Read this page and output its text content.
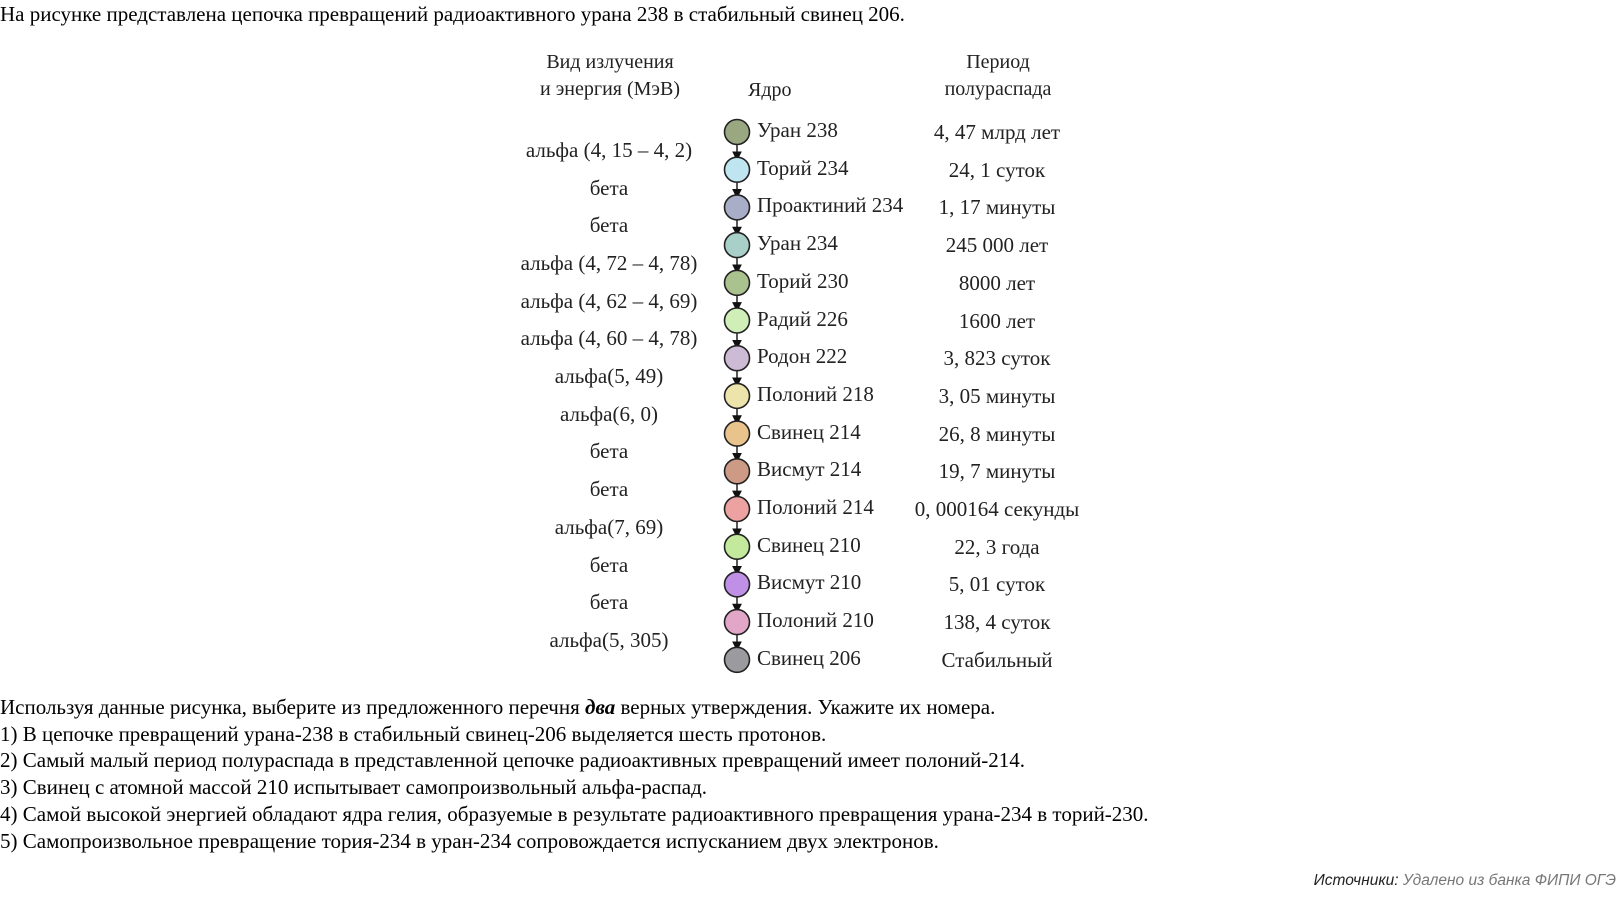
На рисунке представлена цепочка превращений радиоактивного урана 238 в стабильный свинец 206.
Вид излучения
и энергия (МэВ)	Ядро
Период
полураспада
альфа (4, 15 – 4, 2)
бета
бета
альфа (4, 72 – 4, 78)
альфа (4, 62 – 4, 69)
альфа (4, 60 – 4, 78)
альфа(5, 49)
альфа(6, 0)
бета
бета
альфа(7, 69)
бета
бета
альфа(5, 305)
Уран 238
Торий 234
Проактиний 234
Уран 234
Торий 230
Радий 226
Родон 222
Полоний 218
Свинец 214
Висмут 214
Полоний 214
Свинец 210
Висмут 210
Полоний 210
Свинец 206
4, 47 млрд лет
24, 1 суток
1, 17 минуты
245 000 лет
8000 лет
1600 лет
3, 823 суток
3, 05 минуты
26, 8 минуты
19, 7 минуты
0, 000164 секунды
22, 3 года
5, 01 суток
138, 4 суток
Стабильный

Используя данные рисунка, выберите из предложенного перечня два верных утверждения. Укажите их номера.

1) В цепочке превращений урана-238 в стабильный свинец-206 выделяется шесть протонов.

2) Самый малый период полураспада в представленной цепочке радиоактивных превращений имеет полоний-214.

3) Свинец с атомной массой 210 испытывает самопроизвольный альфа-распад.

4) Самой высокой энергией обладают ядра гелия, образуемые в результате радиоактивного превращения урана-234 в торий-230.

5) Самопроизвольное превращение тория-234 в уран-234 сопровождается испусканием двух электронов.

Источники: Удалено из банка ФИПИ ОГЭ
